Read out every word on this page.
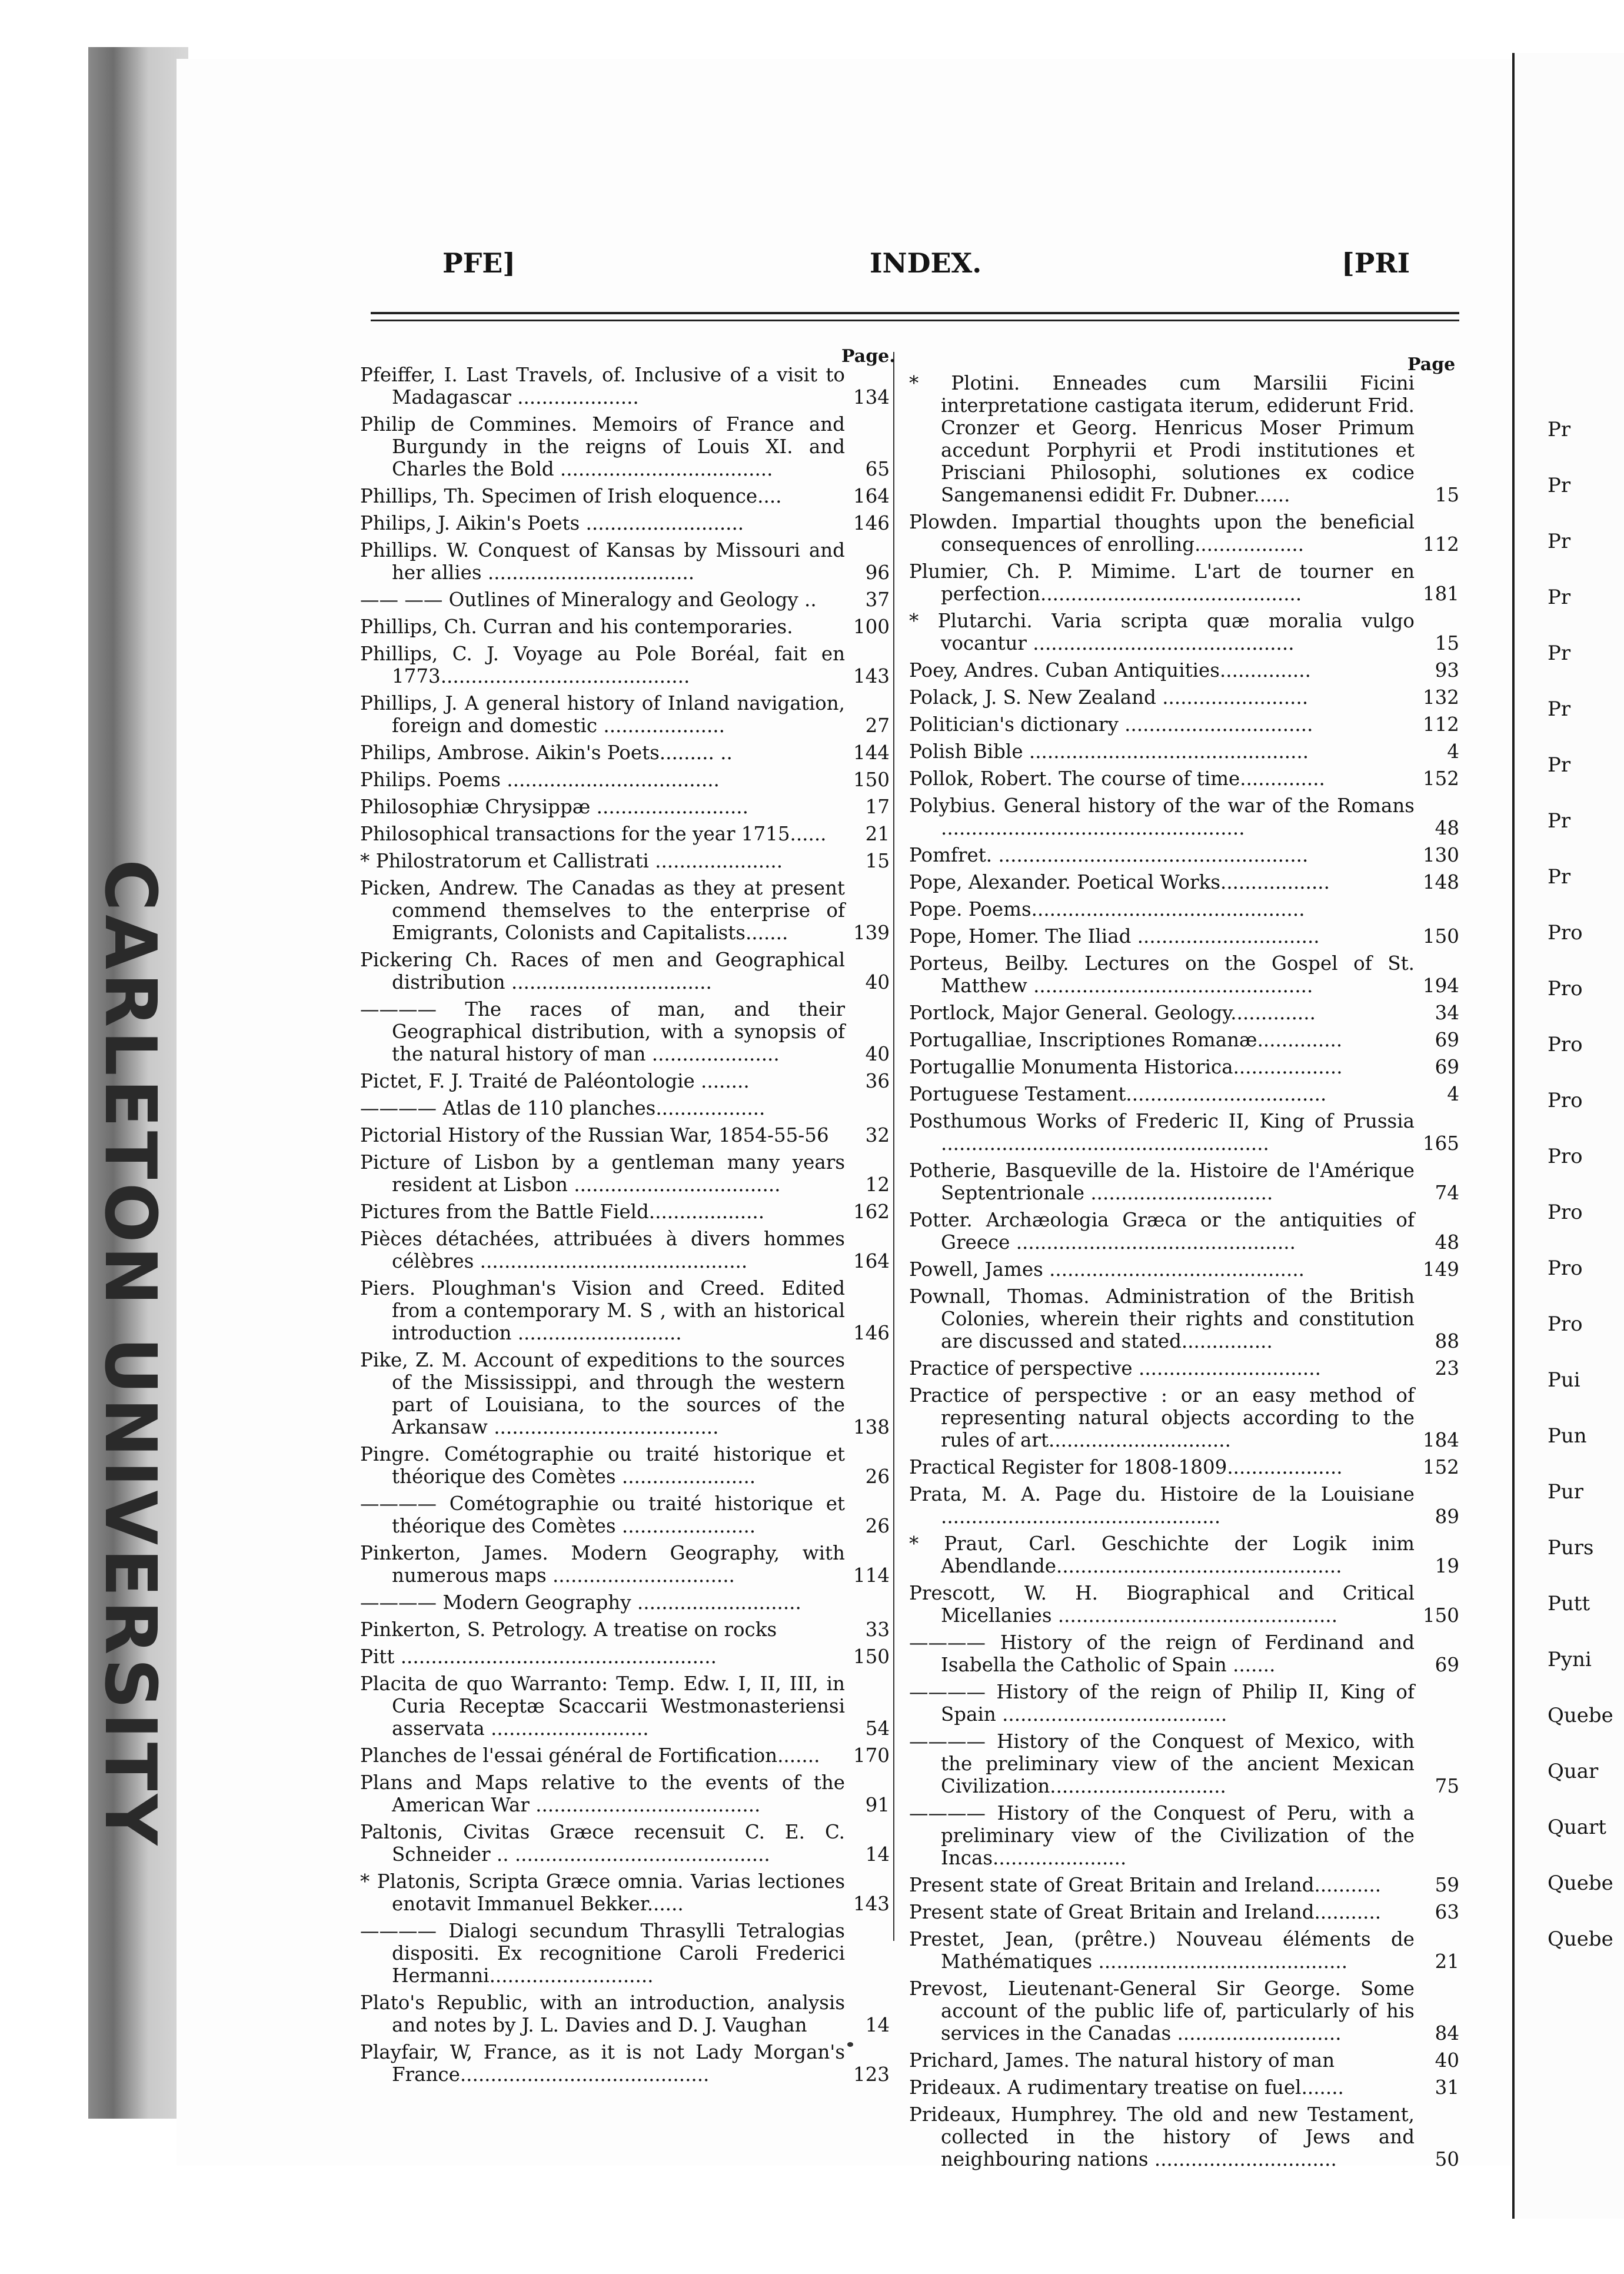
CARLETON UNIVERSITY
Pr
Pr
Pr
Pr
Pr
Pr
Pr
Pr
Pr
Pro
Pro
Pro
Pro
Pro
Pro
Pro
Pro
Pui
Pun
Pur
Purs
Putt
Pyni
Quebe
Quar
Quart
Quebe
Quebe
PFE]	INDEX.	[PRI
Page.	Page
Pfeiffer, I. Last Travels, of. Inclusive of a visit to Madagascar ....................	134
Philip de Commines. Memoirs of France and Burgundy in the reigns of Louis XI. and Charles the Bold ...................................	65
Phillips, Th. Specimen of Irish eloquence....	164
Philips, J. Aikin's Poets ..........................	146
Phillips. W. Conquest of Kansas by Missouri and her allies ..................................	96
—— —— Outlines of Mineralogy and Geology ..	37
Phillips, Ch. Curran and his contemporaries.	100
Phillips, C. J. Voyage au Pole Boréal, fait en 1773.........................................	143
Phillips, J. A general history of Inland navigation, foreign and domestic ....................	27
Philips, Ambrose. Aikin's Poets......... ..	144
Philips. Poems ...................................	150
Philosophiæ Chrysippæ .........................	17
Philosophical transactions for the year 1715......	21
* Philostratorum et Callistrati .....................	15
Picken, Andrew. The Canadas as they at present commend themselves to the enterprise of Emigrants, Colonists and Capitalists.......	139
Pickering Ch. Races of men and Geographical distribution .................................	40
———— The races of man, and their Geographical distribution, with a synopsis of the natural history of man .....................	40
Pictet, F. J. Traité de Paléontologie ........	36
———— Atlas de 110 planches..................
Pictorial History of the Russian War, 1854-55-56	32
Picture of Lisbon by a gentleman many years resident at Lisbon ..................................	12
Pictures from the Battle Field...................	162
Pièces détachées, attribuées à divers hommes célèbres ............................................	164
Piers. Ploughman's Vision and Creed. Edited from a contemporary M. S , with an historical introduction ...........................	146
Pike, Z. M. Account of expeditions to the sources of the Mississippi, and through the western part of Louisiana, to the sources of the Arkansaw .....................................	138
Pingre. Cométographie ou traité historique et théorique des Comètes ......................	26
———— Cométographie ou traité historique et théorique des Comètes ......................	26
Pinkerton, James. Modern Geography, with numerous maps ..............................	114
———— Modern Geography ...........................
Pinkerton, S. Petrology. A treatise on rocks	33
Pitt ....................................................	150
Placita de quo Warranto: Temp. Edw. I, II, III, in Curia Receptæ Scaccarii Westmonasteriensi asservata ..........................	54
Planches de l'essai général de Fortification.......	170
Plans and Maps relative to the events of the American War .....................................	91
Paltonis, Civitas Græce recensuit C. E. C. Schneider .. ..........................................	14
* Platonis, Scripta Græce omnia. Varias lectiones enotavit Immanuel Bekker......	143
———— Dialogi secundum Thrasylli Tetralogias dispositi. Ex recognitione Caroli Frederici Hermanni...........................
Plato's Republic, with an introduction, analysis and notes by J. L. Davies and D. J. Vaughan	14
Playfair, W, France, as it is not Lady Morgan's France.........................................	123
* Plotini. Enneades cum Marsilii Ficini interpretatione castigata iterum, ediderunt Frid. Cronzer et Georg. Henricus Moser Primum accedunt Porphyrii et Prodi institutiones et Prisciani Philosophi, solutiones ex codice Sangemanensi edidit Fr. Dubner......	15
Plowden. Impartial thoughts upon the beneficial consequences of enrolling..................	112
Plumier, Ch. P. Mimime. L'art de tourner en perfection...........................................	181
* Plutarchi. Varia scripta quæ moralia vulgo vocantur ...........................................	15
Poey, Andres. Cuban Antiquities...............	93
Polack, J. S. New Zealand ........................	132
Politician's dictionary ...............................	112
Polish Bible ..............................................	4
Pollok, Robert. The course of time..............	152
Polybius. General history of the war of the Romans ..................................................	48
Pomfret. ...................................................	130
Pope, Alexander. Poetical Works..................	148
Pope. Poems.............................................
Pope, Homer. The Iliad ..............................	150
Porteus, Beilby. Lectures on the Gospel of St. Matthew ..............................................	194
Portlock, Major General. Geology..............	34
Portugalliae, Inscriptiones Romanæ..............	69
Portugallie Monumenta Historica..................	69
Portuguese Testament.................................	4
Posthumous Works of Frederic II, King of Prussia ......................................................	165
Potherie, Basqueville de la. Histoire de l'Amérique Septentrionale ..............................	74
Potter. Archæologia Græca or the antiquities of Greece ..............................................	48
Powell, James ..........................................	149
Pownall, Thomas. Administration of the British Colonies, wherein their rights and constitution are discussed and stated...............	88
Practice of perspective ..............................	23
Practice of perspective : or an easy method of representing natural objects according to the rules of art..............................	184
Practical Register for 1808-1809...................	152
Prata, M. A. Page du. Histoire de la Louisiane ..............................................	89
* Praut, Carl. Geschichte der Logik inim Abendlande...............................................	19
Prescott, W. H. Biographical and Critical Micellanies ..............................................	150
———— History of the reign of Ferdinand and Isabella the Catholic of Spain .......	69
———— History of the reign of Philip II, King of Spain .....................................
———— History of the Conquest of Mexico, with the preliminary view of the ancient Mexican Civilization.............................	75
———— History of the Conquest of Peru, with a preliminary view of the Civilization of the Incas......................
Present state of Great Britain and Ireland...........	59
Present state of Great Britain and Ireland...........	63
Prestet, Jean, (prêtre.) Nouveau éléments de Mathématiques .........................................	21
Prevost, Lieutenant-General Sir George. Some account of the public life of, particularly of his services in the Canadas ...........................	84
Prichard, James. The natural history of man	40
Prideaux. A rudimentary treatise on fuel.......	31
Prideaux, Humphrey. The old and new Testament, collected in the history of Jews and neighbouring nations ..............................	50
